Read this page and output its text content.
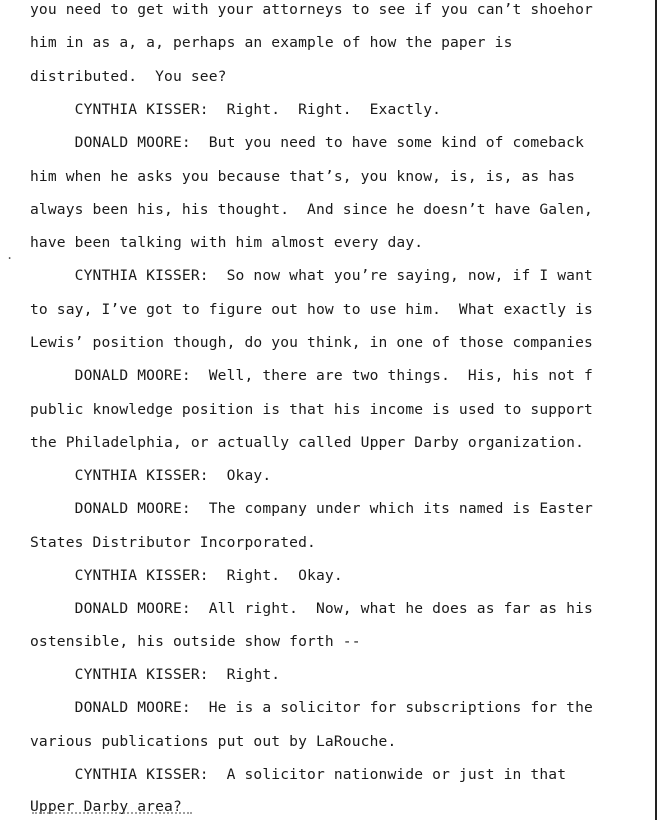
you need to get with your attorneys to see if you can’t shoehor
him in as a, a, perhaps an example of how the paper is
distributed.  You see?
CYNTHIA KISSER:  Right.  Right.  Exactly.
DONALD MOORE:  But you need to have some kind of comeback
him when he asks you because that’s, you know, is, is, as has
always been his, his thought.  And since he doesn’t have Galen,
.
have been talking with him almost every day.
CYNTHIA KISSER:  So now what you’re saying, now, if I want
to say, I’ve got to figure out how to use him.  What exactly is
Lewis’ position though, do you think, in one of those companies
DONALD MOORE:  Well, there are two things.  His, his not f
public knowledge position is that his income is used to support
the Philadelphia, or actually called Upper Darby organization.
CYNTHIA KISSER:  Okay.
DONALD MOORE:  The company under which its named is Easter
States Distributor Incorporated.
CYNTHIA KISSER:  Right.  Okay.
DONALD MOORE:  All right.  Now, what he does as far as his
ostensible, his outside show forth --
CYNTHIA KISSER:  Right.
DONALD MOORE:  He is a solicitor for subscriptions for the
various publications put out by LaRouche.
CYNTHIA KISSER:  A solicitor nationwide or just in that
Upper Darby area?
